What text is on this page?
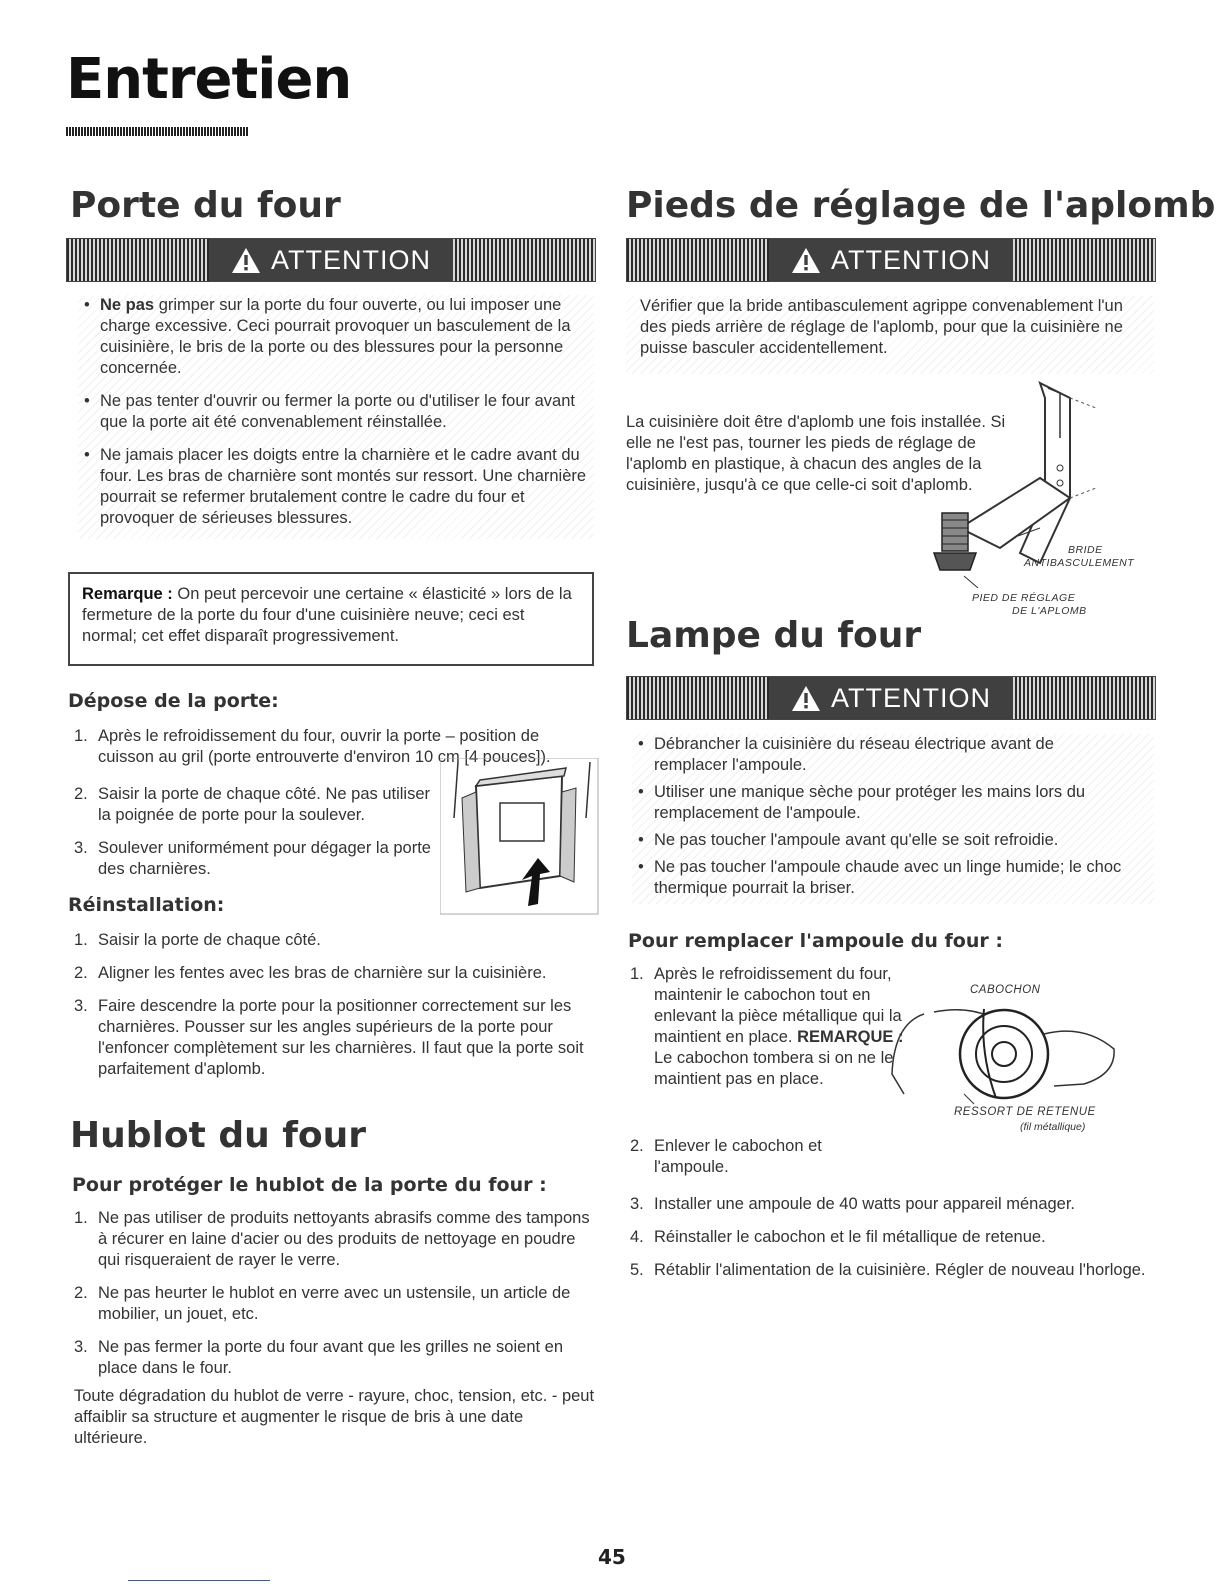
Entretien
Porte du four
ATTENTION

• Ne pas grimper sur la porte du four ouverte, ou lui imposer une charge excessive. Ceci pourrait provoquer un basculement de la cuisinière, le bris de la porte ou des blessures pour la personne concernée.

• Ne pas tenter d'ouvrir ou fermer la porte ou d'utiliser le four avant que la porte ait été convenablement réinstallée.

• Ne jamais placer les doigts entre la charnière et le cadre avant du four. Les bras de charnière sont montés sur ressort. Une charnière pourrait se refermer brutalement contre le cadre du four et provoquer de sérieuses blessures.

Remarque : On peut percevoir une certaine « élasticité » lors de la fermeture de la porte du four d'une cuisinière neuve; ceci est normal; cet effet disparaît progressivement.
Dépose de la porte:
1. Après le refroidissement du four, ouvrir la porte – position de cuisson au gril (porte entrouverte d'environ 10 cm [4 pouces]).
2. Saisir la porte de chaque côté. Ne pas utiliser la poignée de porte pour la soulever.
3. Soulever uniformément pour dégager la porte des charnières.
Réinstallation:
1. Saisir la porte de chaque côté.
2. Aligner les fentes avec les bras de charnière sur la cuisinière.
3. Faire descendre la porte pour la positionner correctement sur les charnières. Pousser sur les angles supérieurs de la porte pour l'enfoncer complètement sur les charnières. Il faut que la porte soit parfaitement d'aplomb.
Hublot du four
Pour protéger le hublot de la porte du four :
1. Ne pas utiliser de produits nettoyants abrasifs comme des tampons à récurer en laine d'acier ou des produits de nettoyage en poudre qui risqueraient de rayer le verre.
2. Ne pas heurter le hublot en verre avec un ustensile, un article de mobilier, un jouet, etc.
3. Ne pas fermer la porte du four avant que les grilles ne soient en place dans le four.
Toute dégradation du hublot de verre - rayure, choc, tension, etc. - peut affaiblir sa structure et augmenter le risque de bris à une date ultérieure.
Pieds de réglage de l'aplomb
ATTENTION

Vérifier que la bride antibasculement agrippe convenablement l'un des pieds arrière de réglage de l'aplomb, pour que la cuisinière ne puisse basculer accidentellement.

La cuisinière doit être d'aplomb une fois installée. Si elle ne l'est pas, tourner les pieds de réglage de l'aplomb en plastique, à chacun des angles de la cuisinière, jusqu'à ce que celle-ci soit d'aplomb.
BRIDE
ANTIBASCULEMENT
PIED DE RÉGLAGE
DE L'APLOMB
Lampe du four
ATTENTION

• Débrancher la cuisinière du réseau électrique avant de remplacer l'ampoule.

• Utiliser une manique sèche pour protéger les mains lors du remplacement de l'ampoule.

• Ne pas toucher l'ampoule avant qu'elle se soit refroidie.

• Ne pas toucher l'ampoule chaude avec un linge humide; le choc thermique pourrait la briser.

Pour remplacer l'ampoule du four :
1. Après le refroidissement du four, maintenir le cabochon tout en enlevant la pièce métallique qui la maintient en place. REMARQUE : Le cabochon tombera si on ne le maintient pas en place.
CABOCHON
RESSORT DE RETENUE
(fil métallique)
2. Enlever le cabochon et l'ampoule.
3. Installer une ampoule de 40 watts pour appareil ménager.
4. Réinstaller le cabochon et le fil métallique de retenue.
5. Rétablir l'alimentation de la cuisinière. Régler de nouveau l'horloge.
45
